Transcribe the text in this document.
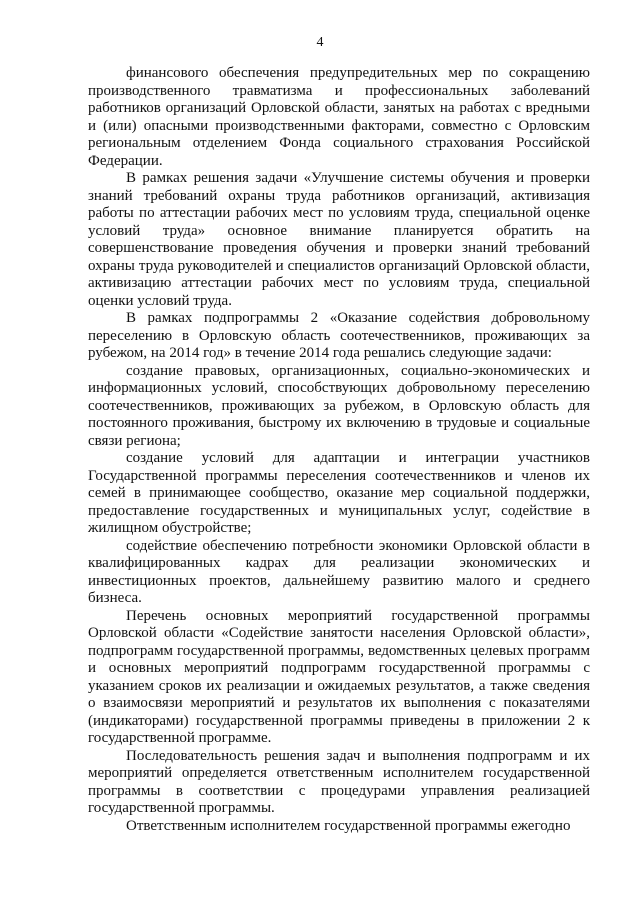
4

финансового обеспечения предупредительных мер по сокращению производственного травматизма и профессиональных заболеваний работников организаций Орловской области, занятых на работах с вредными и (или) опасными производственными факторами, совместно с Орловским региональным отделением Фонда социального страхования Российской Федерации.

В рамках решения задачи «Улучшение системы обучения и проверки знаний требований охраны труда работников организаций, активизация работы по аттестации рабочих мест по условиям труда, специальной оценке условий труда» основное внимание планируется обратить на совершенствование проведения обучения и проверки знаний требований охраны труда руководителей и специалистов организаций Орловской области, активизацию аттестации рабочих мест по условиям труда, специальной оценки условий труда.

В рамках подпрограммы 2 «Оказание содействия добровольному переселению в Орловскую область соотечественников, проживающих за рубежом, на 2014 год» в течение 2014 года решались следующие задачи:

создание правовых, организационных, социально-экономических и информационных условий, способствующих добровольному переселению соотечественников, проживающих за рубежом, в Орловскую область для постоянного проживания, быстрому их включению в трудовые и социальные связи региона;

создание условий для адаптации и интеграции участников Государственной программы переселения соотечественников и членов их семей в принимающее сообщество, оказание мер социальной поддержки, предоставление государственных и муниципальных услуг, содействие в жилищном обустройстве;

содействие обеспечению потребности экономики Орловской области в квалифицированных кадрах для реализации экономических и инвестиционных проектов, дальнейшему развитию малого и среднего бизнеса.

Перечень основных мероприятий государственной программы Орловской области «Содействие занятости населения Орловской области», подпрограмм государственной программы, ведомственных целевых программ и основных мероприятий подпрограмм государственной программы с указанием сроков их реализации и ожидаемых результатов, а также сведения о взаимосвязи мероприятий и результатов их выполнения с показателями (индикаторами) государственной программы приведены в приложении 2 к государственной программе.

Последовательность решения задач и выполнения подпрограмм и их мероприятий определяется ответственным исполнителем государственной программы в соответствии с процедурами управления реализацией государственной программы.

Ответственным исполнителем государственной программы ежегодно
